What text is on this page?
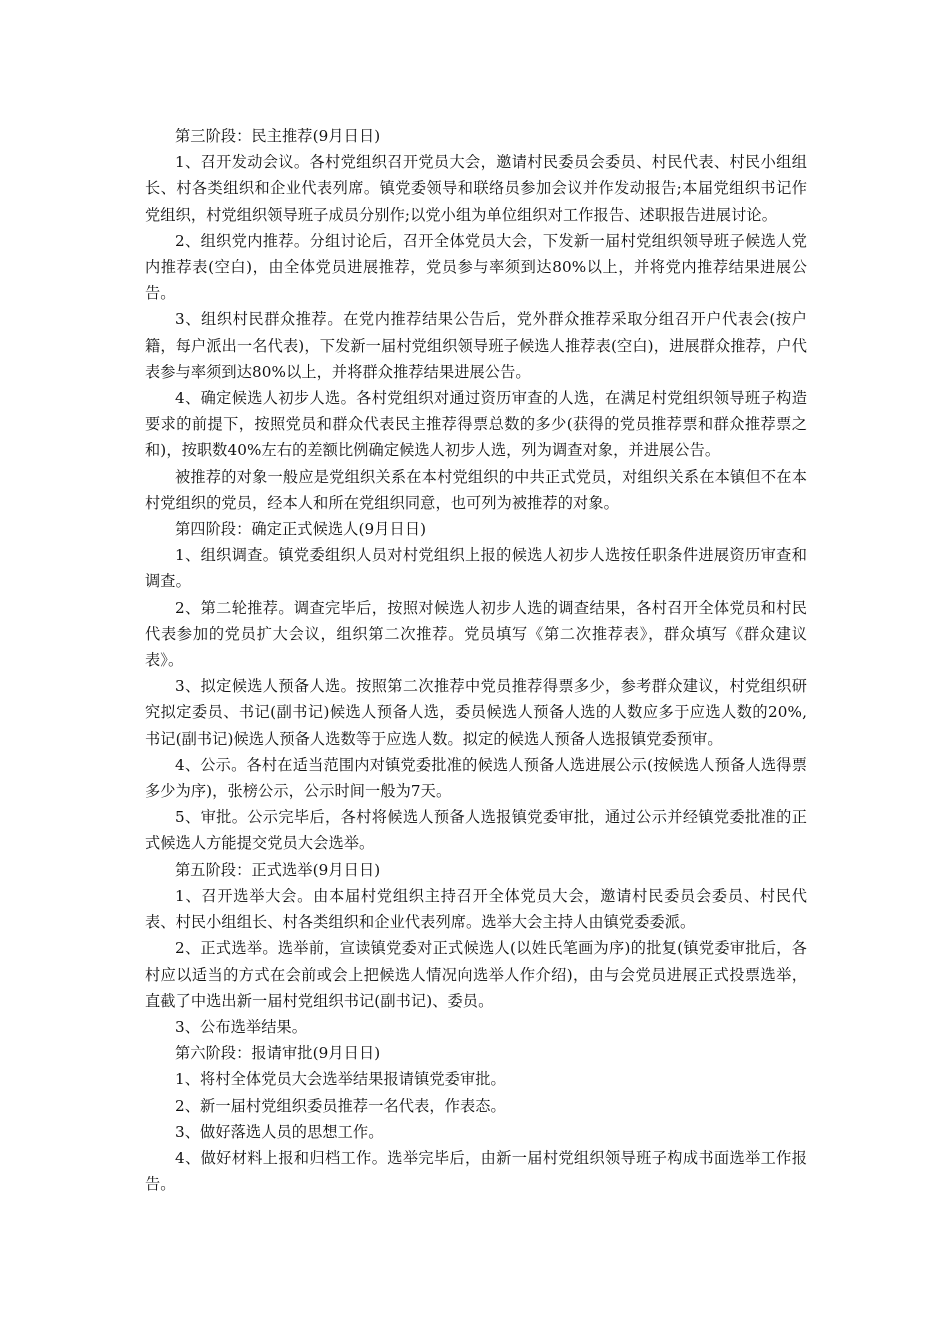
第三阶段：民主推荐(9月日日)

1、召开发动会议。各村党组织召开党员大会，邀请村民委员会委员、村民代表、村民小组组长、村各类组织和企业代表列席。镇党委领导和联络员参加会议并作发动报告;本届党组织书记作党组织，村党组织领导班子成员分别作;以党小组为单位组织对工作报告、述职报告进展讨论。

2、组织党内推荐。分组讨论后，召开全体党员大会，下发新一届村党组织领导班子候选人党内推荐表(空白)，由全体党员进展推荐，党员参与率须到达80%以上，并将党内推荐结果进展公告。

3、组织村民群众推荐。在党内推荐结果公告后，党外群众推荐采取分组召开户代表会(按户籍，每户派出一名代表)，下发新一届村党组织领导班子候选人推荐表(空白)，进展群众推荐，户代表参与率须到达80%以上，并将群众推荐结果进展公告。

4、确定候选人初步人选。各村党组织对通过资历审查的人选，在满足村党组织领导班子构造要求的前提下，按照党员和群众代表民主推荐得票总数的多少(获得的党员推荐票和群众推荐票之和)，按职数40%左右的差额比例确定候选人初步人选，列为调查对象，并进展公告。

被推荐的对象一般应是党组织关系在本村党组织的中共正式党员，对组织关系在本镇但不在本村党组织的党员，经本人和所在党组织同意，也可列为被推荐的对象。

第四阶段：确定正式候选人(9月日日)

1、组织调查。镇党委组织人员对村党组织上报的候选人初步人选按任职条件进展资历审查和调查。

2、第二轮推荐。调查完毕后，按照对候选人初步人选的调查结果，各村召开全体党员和村民代表参加的党员扩大会议，组织第二次推荐。党员填写《第二次推荐表》，群众填写《群众建议表》。

3、拟定候选人预备人选。按照第二次推荐中党员推荐得票多少，参考群众建议，村党组织研究拟定委员、书记(副书记)候选人预备人选，委员候选人预备人选的人数应多于应选人数的20%,书记(副书记)候选人预备人选数等于应选人数。拟定的候选人预备人选报镇党委预审。

4、公示。各村在适当范围内对镇党委批准的候选人预备人选进展公示(按候选人预备人选得票多少为序)，张榜公示，公示时间一般为7天。

5、审批。公示完毕后，各村将候选人预备人选报镇党委审批，通过公示并经镇党委批准的正式候选人方能提交党员大会选举。

第五阶段：正式选举(9月日日)

1、召开选举大会。由本届村党组织主持召开全体党员大会，邀请村民委员会委员、村民代表、村民小组组长、村各类组织和企业代表列席。选举大会主持人由镇党委委派。

2、正式选举。选举前，宣读镇党委对正式候选人(以姓氏笔画为序)的批复(镇党委审批后，各村应以适当的方式在会前或会上把候选人情况向选举人作介绍)，由与会党员进展正式投票选举，直截了中选出新一届村党组织书记(副书记)、委员。

3、公布选举结果。

第六阶段：报请审批(9月日日)

1、将村全体党员大会选举结果报请镇党委审批。

2、新一届村党组织委员推荐一名代表，作表态。

3、做好落选人员的思想工作。

4、做好材料上报和归档工作。选举完毕后，由新一届村党组织领导班子构成书面选举工作报告。
